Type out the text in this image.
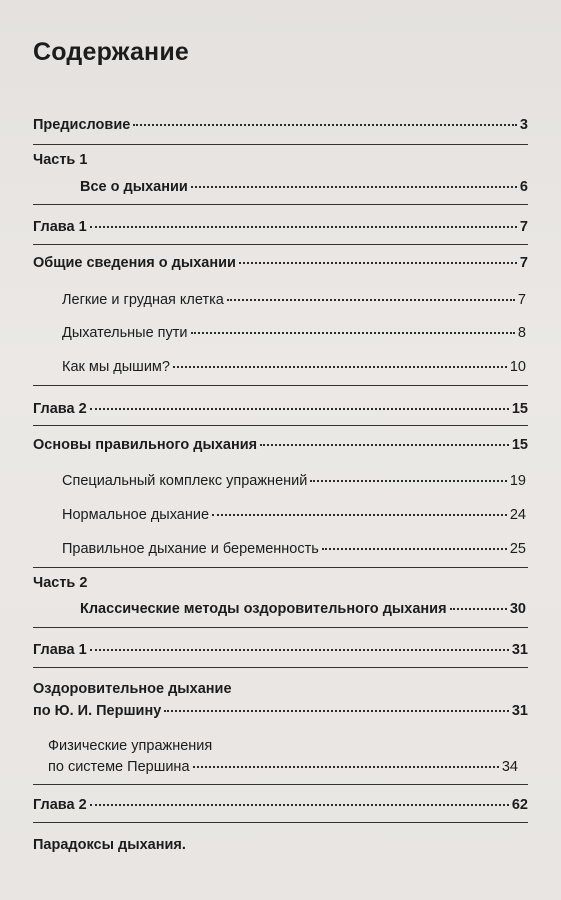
Содержание
Предисловие	3
Часть 1
Все о дыхании	6
Глава 1	7
Общие сведения о дыхании	7
Легкие и грудная клетка	7
Дыхательные пути	8
Как мы дышим?	10
Глава 2	15
Основы правильного дыхания	15
Специальный комплекс упражнений	19
Нормальное дыхание	24
Правильное дыхание и беременность	25
Часть 2
Классические методы оздоровительного дыхания	30
Глава 1	31
Оздоровительное дыхание
по Ю. И. Першину	31
Физические упражнения
по системе Першина	34
Глава 2	62
Парадоксы дыхания.
